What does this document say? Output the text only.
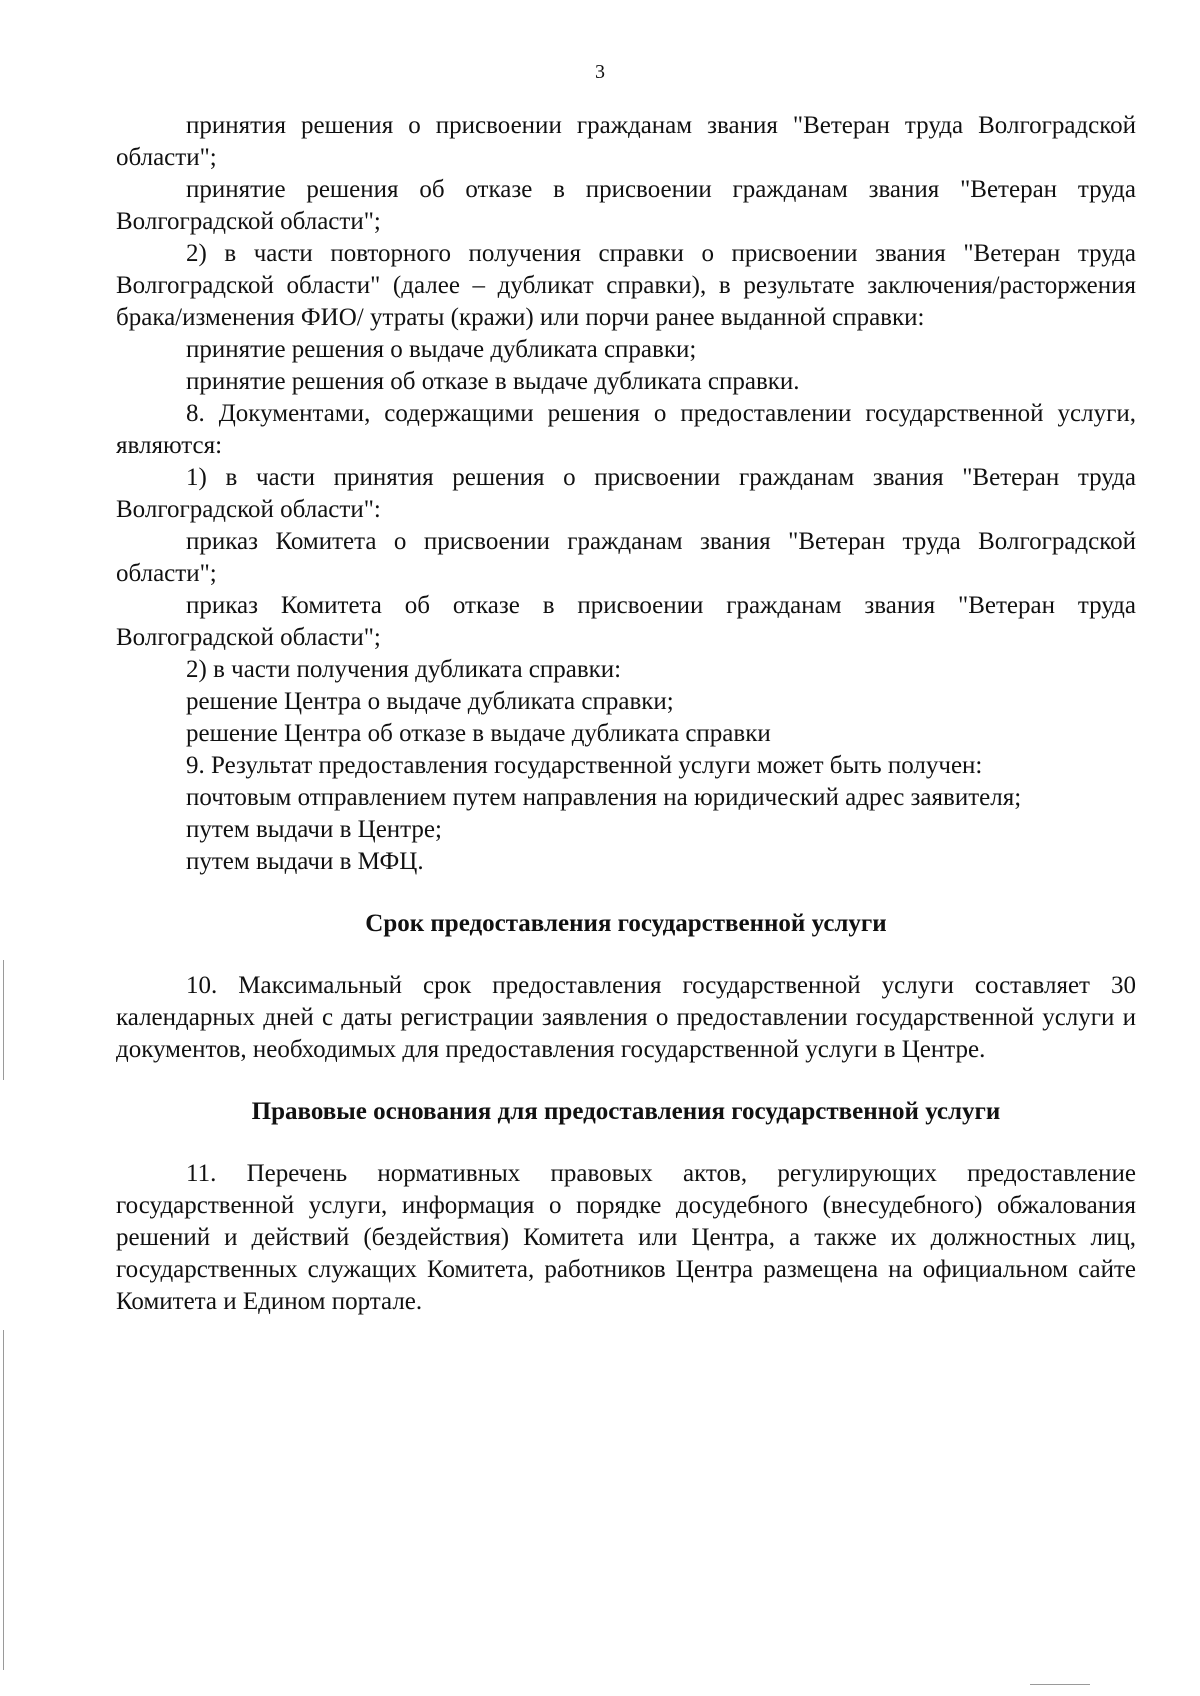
3

принятия решения о присвоении гражданам звания "Ветеран труда Волгоградской области";

принятие решения об отказе в присвоении гражданам звания "Ветеран труда Волгоградской области";

2) в части повторного получения справки о присвоении звания "Ветеран труда Волгоградской области" (далее – дубликат справки), в результате заключения/расторжения брака/изменения ФИО/ утраты (кражи) или порчи ранее выданной справки:

принятие решения о выдаче дубликата справки;

принятие решения об отказе в выдаче дубликата справки.

8. Документами, содержащими решения о предоставлении государственной услуги, являются:

1) в части принятия решения о присвоении гражданам звания "Ветеран труда Волгоградской области":

приказ Комитета о присвоении гражданам звания "Ветеран труда Волгоградской области";

приказ Комитета об отказе в присвоении гражданам звания "Ветеран труда Волгоградской области";

2) в части получения дубликата справки:

решение Центра о выдаче дубликата справки;

решение Центра об отказе в выдаче дубликата справки

9. Результат предоставления государственной услуги может быть получен:

почтовым отправлением путем направления на юридический адрес заявителя;

путем выдачи в Центре;

путем выдачи в МФЦ.

Срок предоставления государственной услуги

10. Максимальный срок предоставления государственной услуги составляет 30 календарных дней с даты регистрации заявления о предоставлении государственной услуги и документов, необходимых для предоставления государственной услуги в Центре.

Правовые основания для предоставления государственной услуги

11. Перечень нормативных правовых актов, регулирующих предоставление государственной услуги, информация о порядке досудебного (внесудебного) обжалования решений и действий (бездействия) Комитета или Центра, а также их должностных лиц, государственных служащих Комитета, работников Центра размещена на официальном сайте Комитета и Едином портале.
